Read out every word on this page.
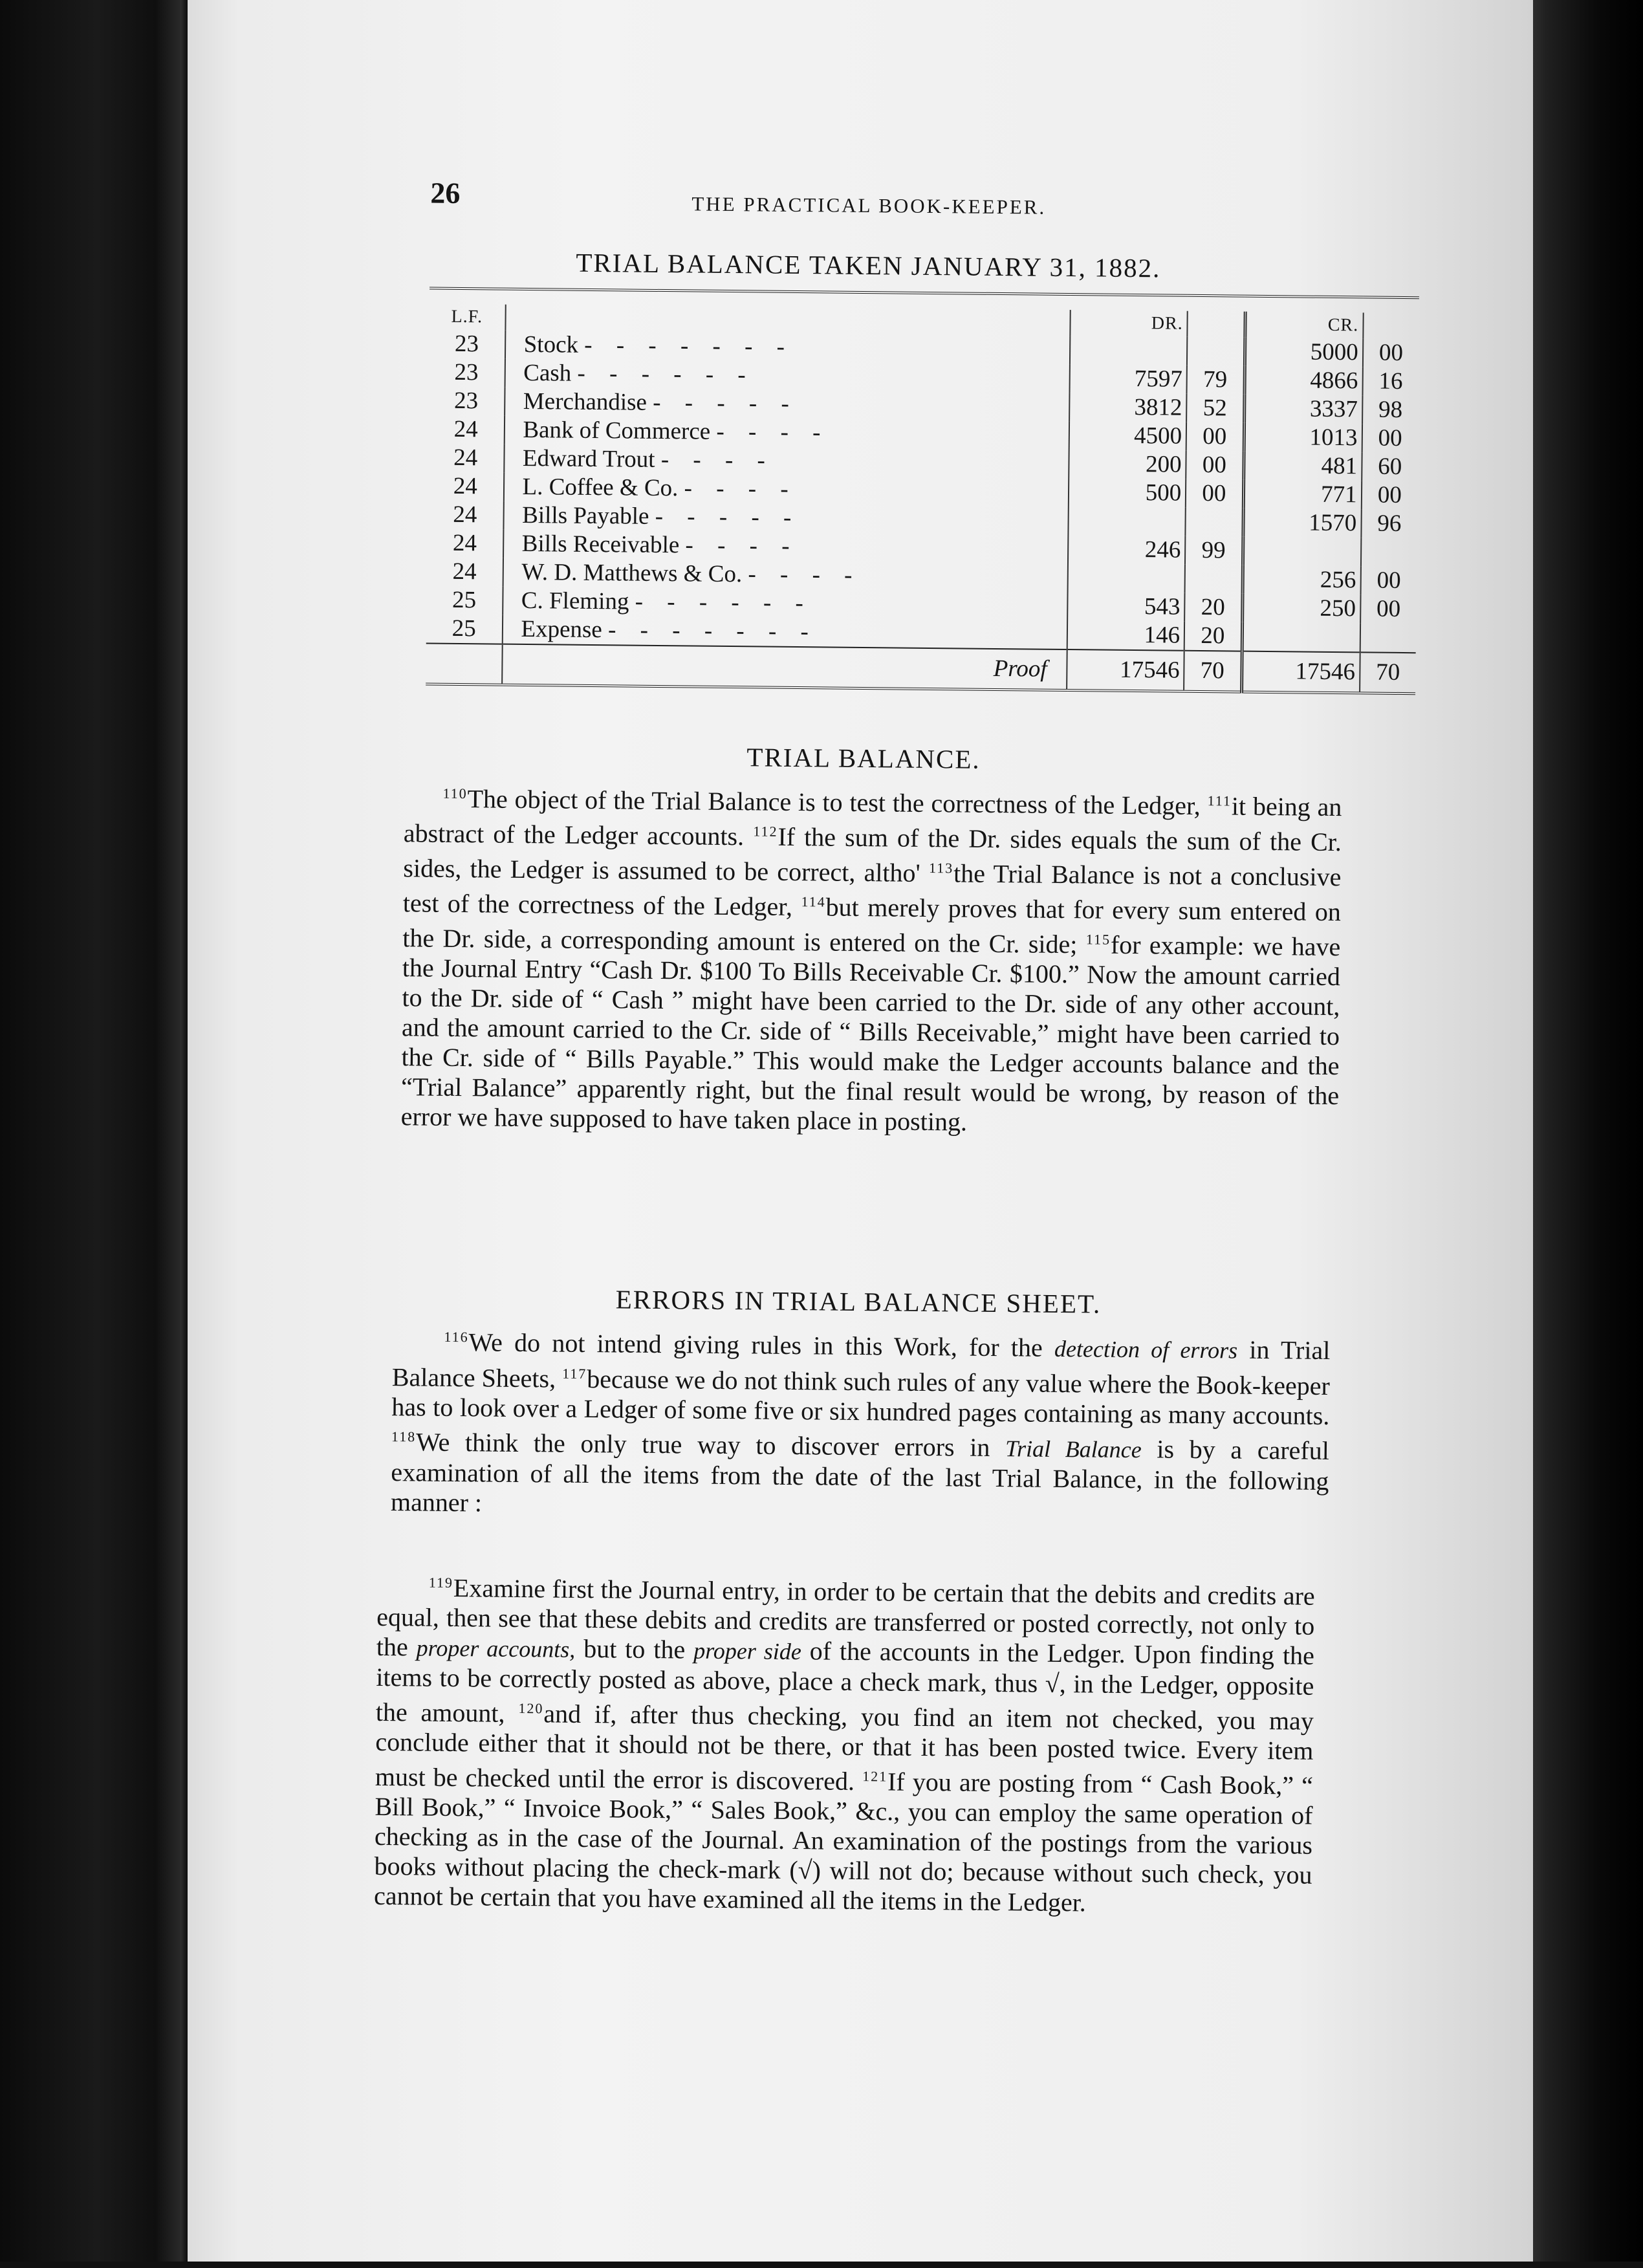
26	THE PRACTICAL BOOK-KEEPER.
TRIAL BALANCE TAKEN JANUARY 31, 1882.

L.F.		DR.		CR.	
23	Stock - - - - - - -			5000	00
23	Cash - - - - - -	7597	79	4866	16
23	Merchandise - - - - -	3812	52	3337	98
24	Bank of Commerce - - - -	4500	00	1013	00
24	Edward Trout - - - -	200	00	481	60
24	L. Coffee & Co. - - - -	500	00	771	00
24	Bills Payable - - - - -			1570	96
24	Bills Receivable - - - -	246	99		
24	W. D. Matthews & Co. - - - -			256	00
25	C. Fleming - - - - - -	543	20	250	00
25	Expense - - - - - - -	146	20		
	Proof	17546	70	17546	70
TRIAL BALANCE.

$^{110}$The object of the Trial Balance is to test the correctness of the Ledger, $^{111}$it being an abstract of the Ledger accounts. $^{112}$If the sum of the Dr. sides equals the sum of the Cr. sides, the Ledger is assumed to be correct, altho' $^{113}$the Trial Balance is not a conclusive test of the correctness of the Ledger, $^{114}$but merely proves that for every sum entered on the Dr. side, a corresponding amount is entered on the Cr. side; $^{115}$for example: we have the Journal Entry “Cash Dr. $100 To Bills Receivable Cr. $100.” Now the amount carried to the Dr. side of “ Cash ” might have been carried to the Dr. side of any other account, and the amount carried to the Cr. side of “ Bills Receivable,” might have been carried to the Cr. side of “ Bills Payable.” This would make the Ledger accounts balance and the “Trial Balance” apparently right, but the final result would be wrong, by reason of the error we have supposed to have taken place in posting.

ERRORS IN TRIAL BALANCE SHEET.

$^{116}$We do not intend giving rules in this Work, for the detection of errors in Trial Balance Sheets, $^{117}$because we do not think such rules of any value where the Book-keeper has to look over a Ledger of some five or six hundred pages containing as many accounts. $^{118}$We think the only true way to discover errors in Trial Balance is by a careful examination of all the items from the date of the last Trial Balance, in the following manner :

$^{119}$Examine first the Journal entry, in order to be certain that the debits and credits are equal, then see that these debits and credits are transferred or posted correctly, not only to the proper accounts, but to the proper side of the accounts in the Ledger. Upon finding the items to be correctly posted as above, place a check mark, thus √, in the Ledger, opposite the amount, $^{120}$and if, after thus checking, you find an item not checked, you may conclude either that it should not be there, or that it has been posted twice. Every item must be checked until the error is discovered. $^{121}$If you are posting from “ Cash Book,” “ Bill Book,” “ Invoice Book,” “ Sales Book,” &c., you can employ the same operation of checking as in the case of the Journal. An examination of the postings from the various books without placing the check-mark (√) will not do; because without such check, you cannot be certain that you have examined all the items in the Ledger.
